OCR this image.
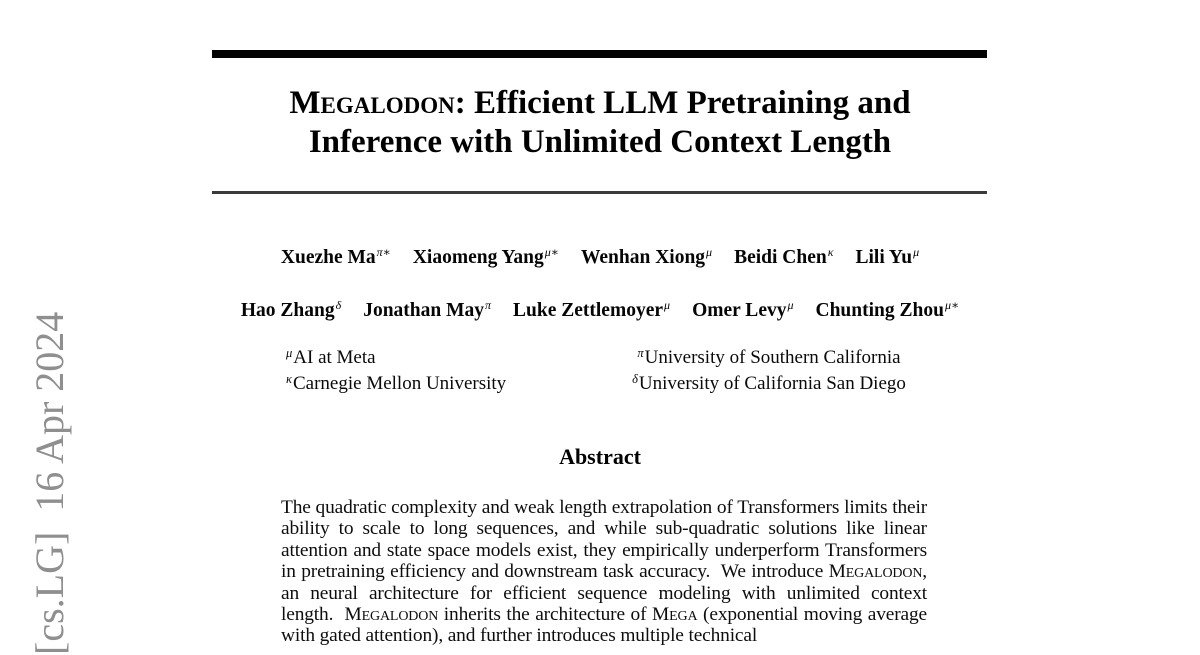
[cs.LG]  16 Apr 2024
Megalodon: Efficient LLM Pretraining and Inference with Unlimited Context Length
Xuezhe $Ma^{\pi∗}$ Xiaomeng Yang$^{\mu∗}$ Wenhan Xiong$^\mu$ Beidi Chen$^\kappa$ Lili $Yu^\mu$
Hao Zhang$^\delta$ Jonathan May$^\pi$ Luke Zettlemoyer$^\mu$ Omer Levy$^\mu$ Chunting Zhou$^{\mu∗}$
$^\mu$AI at Meta
$^\kappa$Carnegie Mellon University
$^\pi$University of Southern California
$^\delta$University of California San Diego
Abstract
The quadratic complexity and weak length extrapolation of Transformers limits their ability to scale to long sequences, and while sub-quadratic solutions like linear attention and state space models exist, they empirically underperform Transformers in pretraining efficiency and downstream task accuracy.  We introduce Megalodon, an neural architecture for efficient sequence modeling with unlimited context length.  Megalodon inherits the architecture of Mega (exponential moving average with gated attention), and further introduces multiple technical
